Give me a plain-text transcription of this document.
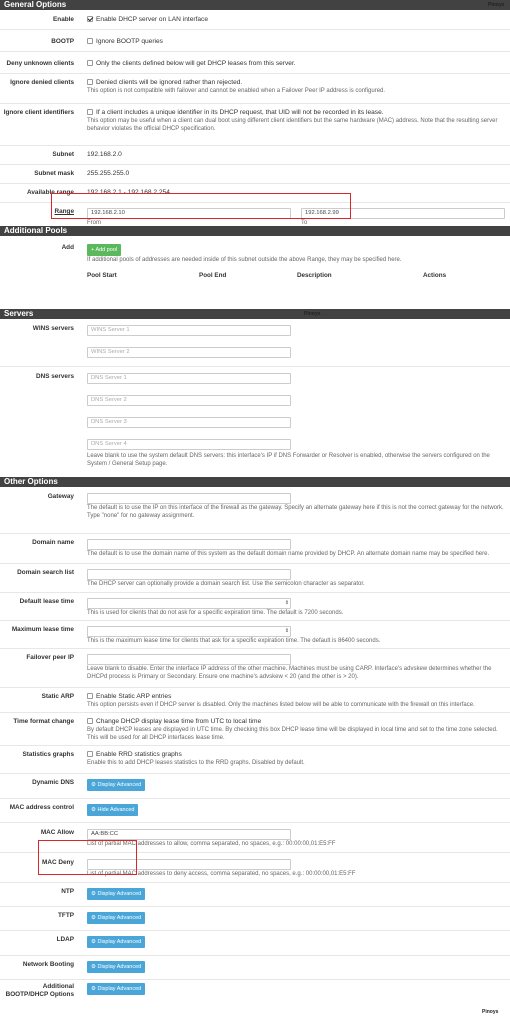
General Options
Enable	Enable DHCP server on LAN interface
BOOTP	Ignore BOOTP queries
Deny unknown clients	Only the clients defined below will get DHCP leases from this server.
Ignore denied clients	Denied clients will be ignored rather than rejected.
This option is not compatible with failover and cannot be enabled when a Failover Peer IP address is configured.
Ignore client identifiers	If a client includes a unique identifier in its DHCP request, that UID will not be recorded in its lease.
This option may be useful when a client can dual boot using different client identifiers but the same hardware (MAC) address. Note that the resulting server behavior violates the official DHCP specification.
Subnet 192.168.2.0
Subnet mask 255.255.255.0
Available range 192.168.2.1 - 192.168.2.254
Range	192.168.2.10
From
192.168.2.99
To
Pinoys
Additional Pools
Add	+ Add pool
If additional pools of addresses are needed inside of this subnet outside the above Range, they may be specified here.
Pool Start	Pool End	Description	Actions
Servers
WINS servers	WINS Server 1
WINS Server 2
DNS servers	DNS Server 1
DNS Server 2
DNS Server 3
DNS Server 4
Leave blank to use the system default DNS servers: this interface's IP if DNS Forwarder or Resolver is enabled, otherwise the servers configured on the System / General Setup page.
Pinoys
Other Options
Gateway
The default is to use the IP on this interface of the firewall as the gateway. Specify an alternate gateway here if this is not the correct gateway for the network. Type "none" for no gateway assignment.
Domain name
The default is to use the domain name of this system as the default domain name provided by DHCP. An alternate domain name may be specified here.
Domain search list
The DHCP server can optionally provide a domain search list. Use the semicolon character as separator.
Default lease time	⇕
This is used for clients that do not ask for a specific expiration time. The default is 7200 seconds.
Maximum lease time	⇕
This is the maximum lease time for clients that ask for a specific expiration time. The default is 86400 seconds.
Failover peer IP
Leave blank to disable. Enter the interface IP address of the other machine. Machines must be using CARP. Interface's advskew determines whether the DHCPd process is Primary or Secondary. Ensure one machine's advskew < 20 (and the other is > 20).
Static ARP	Enable Static ARP entries
This option persists even if DHCP server is disabled. Only the machines listed below will be able to communicate with the firewall on this interface.
Time format change	Change DHCP display lease time from UTC to local time
By default DHCP leases are displayed in UTC time. By checking this box DHCP lease time will be displayed in local time and set to the time zone selected. This will be used for all DHCP interfaces lease time.
Statistics graphs	Enable RRD statistics graphs
Enable this to add DHCP leases statistics to the RRD graphs. Disabled by default.
Dynamic DNS	⚙ Display Advanced
MAC address control	⚙ Hide Advanced
MAC Allow	AA:BB:CC
List of partial MAC addresses to allow, comma separated, no spaces, e.g.: 00:00:00,01:E5:FF
MAC Deny
List of partial MAC addresses to deny access, comma separated, no spaces, e.g.: 00:00:00,01:E5:FF
NTP	⚙ Display Advanced
TFTP	⚙ Display Advanced
LDAP	⚙ Display Advanced
Network Booting	⚙ Display Advanced
Additional BOOTP/DHCP Options
⚙ Display Advanced
Pinoys
